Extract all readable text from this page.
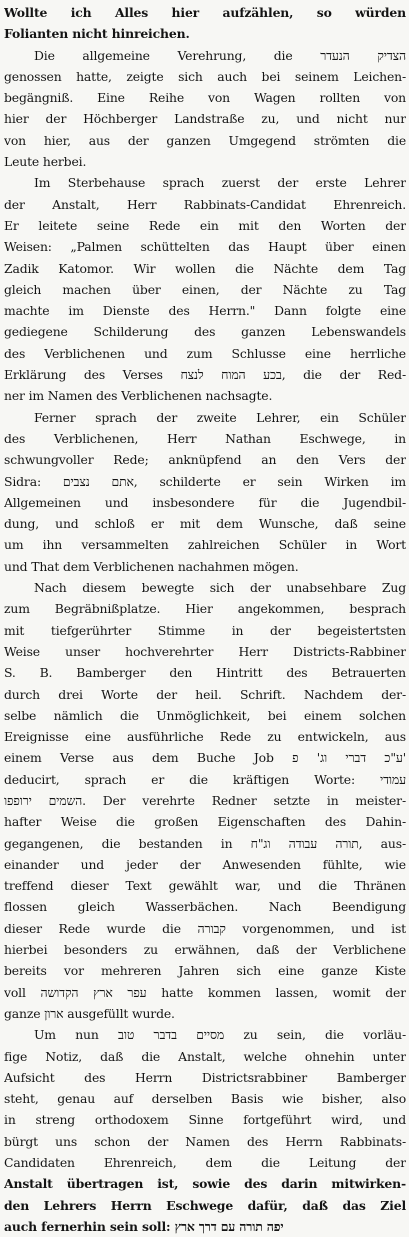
Wollte ich Alles hier aufzählen, so würden
Folianten nicht hinreichen.
Die allgemeine Verehrung, die הצדיק הנעדר
genossen hatte, zeigte sich auch bei seinem Leichen-
begängniß. Eine Reihe von Wagen rollten von
hier der Höchberger Landstraße zu, und nicht nur
von hier, aus der ganzen Umgegend strömten die
Leute herbei.
Im Sterbehause sprach zuerst der erste Lehrer
der Anstalt, Herr Rabbinats-Candidat Ehrenreich.
Er leitete seine Rede ein mit den Worten der
Weisen: „Palmen schüttelten das Haupt über einen
Zadik Katomor. Wir wollen die Nächte dem Tag
gleich machen über einen, der Nächte zu Tag
machte im Dienste des Herrn." Dann folgte eine
gediegene Schilderung des ganzen Lebenswandels
des Verblichenen und zum Schlusse eine herrliche
Erklärung des Verses בכע המוח לנצח, die der Red-
ner im Namen des Verblichenen nachsagte.
Ferner sprach der zweite Lehrer, ein Schüler
des Verblichenen, Herr Nathan Eschwege, in
schwungvoller Rede; anknüpfend an den Vers der
Sidra: אתם נצבים, schilderte er sein Wirken im
Allgemeinen und insbesondere für die Jugendbil-
dung, und schloß er mit dem Wunsche, daß seine
um ihn versammelten zahlreichen Schüler in Wort
und That dem Verblichenen nachahmen mögen.
Nach diesem bewegte sich der unabsehbare Zug
zum Begräbnißplatze. Hier angekommen, besprach
mit tiefgerührter Stimme in der begeistertsten
Weise unser hochverehrter Herr Districts-Rabbiner
S. B. Bamberger den Hintritt des Betrauerten
durch drei Worte der heil. Schrift. Nachdem der-
selbe nämlich die Unmöglichkeit, bei einem solchen
Ereignisse eine ausführliche Rede zu entwickeln, aus
einem Verse aus dem Buche Job ע"כ דברי וג' פ'
deducirt, sprach er die kräftigen Worte: עמודי
השמים ירופפו. Der verehrte Redner setzte in meister-
hafter Weise die großen Eigenschaften des Dahin-
gegangenen, die bestanden in תורה עבודה וג"ח, aus-
einander und jeder der Anwesenden fühlte, wie
treffend dieser Text gewählt war, und die Thränen
flossen gleich Wasserbächen. Nach Beendigung
dieser Rede wurde die קבורה vorgenommen, und ist
hierbei besonders zu erwähnen, daß der Verblichene
bereits vor mehreren Jahren sich eine ganze Kiste
voll עפר ארץ הקדושה hatte kommen lassen, womit der
ganze ארון ausgefüllt wurde.
Um nun מסיים בדבר טוב zu sein, die vorläu-
fige Notiz, daß die Anstalt, welche ohnehin unter
Aufsicht des Herrn Districtsrabbiner Bamberger
steht, genau auf derselben Basis wie bisher, also
in streng orthodoxem Sinne fortgeführt wird, und
bürgt uns schon der Namen des Herrn Rabbinats-
Candidaten Ehrenreich, dem die Leitung der
Anstalt übertragen ist, sowie des darin mitwirken-
den Lehrers Herrn Eschwege dafür, daß das Ziel
auch fernerhin sein soll: יפה תורה עם דרך ארץ
